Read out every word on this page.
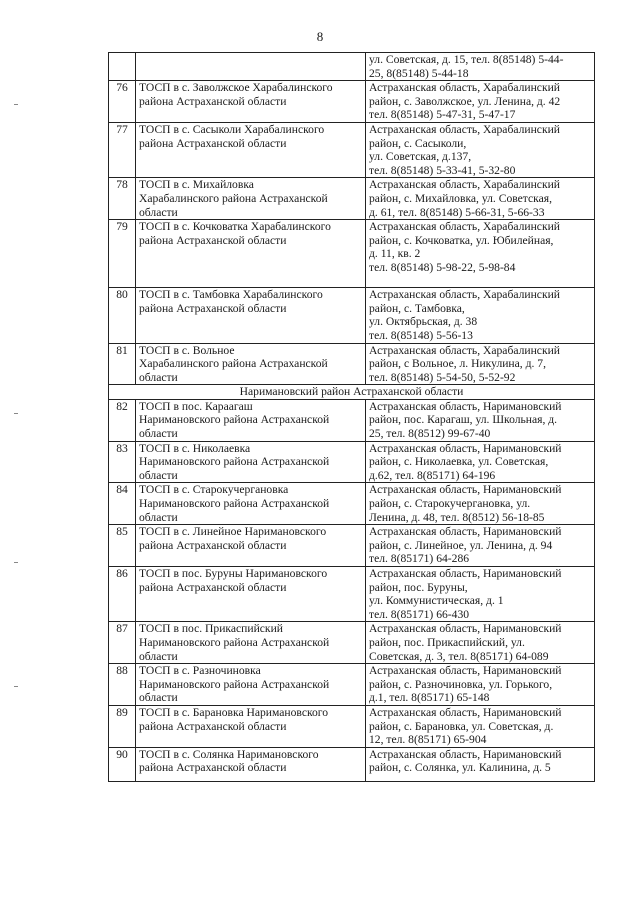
8

		ул. Советская, д. 15, тел. 8(85148) 5-44-
25, 8(85148) 5-44-18

76	ТОСП в с. Заволжское Харабалинского
района Астраханской области	Астраханская область, Харабалинский
район, с. Заволжское, ул. Ленина, д. 42
тел. 8(85148) 5-47-31, 5-47-17

77	ТОСП в с. Сасыколи Харабалинского
района Астраханской области	Астраханская область, Харабалинский
район, с. Сасыколи,
ул. Советская, д.137,
тел. 8(85148) 5-33-41, 5-32-80

78	ТОСП в с. Михайловка
Харабалинского района Астраханской
области	Астраханская область, Харабалинский
район, с. Михайловка, ул. Советская,
д. 61, тел. 8(85148) 5-66-31, 5-66-33

79	ТОСП в с. Кочковатка Харабалинского
района Астраханской области	Астраханская область, Харабалинский
район, с. Кочковатка, ул. Юбилейная,
д. 11, кв. 2
тел. 8(85148) 5-98-22, 5-98-84

80	ТОСП в с. Тамбовка Харабалинского
района Астраханской области	Астраханская область, Харабалинский
район, с. Тамбовка,
ул. Октябрьская, д. 38
тел. 8(85148) 5-56-13

81	ТОСП в с. Вольное
Харабалинского района Астраханской
области	Астраханская область, Харабалинский
район, с Вольное, л. Никулина, д. 7,
тел. 8(85148) 5-54-50, 5-52-92

Наримановский район Астраханской области		
82	ТОСП в пос. Караагаш
Наримановского района Астраханской
области	Астраханская область, Наримановский
район, пос. Карагаш, ул. Школьная, д.
25, тел. 8(8512) 99-67-40

83	ТОСП в с. Николаевка
Наримановского района Астраханской
области	Астраханская область, Наримановский
район, с. Николаевка, ул. Советская,
д.62, тел. 8(85171) 64-196

84	ТОСП в с. Старокучергановка
Наримановского района Астраханской
области	Астраханская область, Наримановский
район, с. Старокучергановка, ул.
Ленина, д. 48, тел. 8(8512) 56-18-85

85	ТОСП в с. Линейное Наримановского
района Астраханской области	Астраханская область, Наримановский
район, с. Линейное, ул. Ленина, д. 94
тел. 8(85171) 64-286

86	ТОСП в пос. Буруны Наримановского
района Астраханской области	Астраханская область, Наримановский
район, пос. Буруны,
ул. Коммунистическая, д. 1
тел. 8(85171) 66-430

87	ТОСП в пос. Прикаспийский
Наримановского района Астраханской
области	Астраханская область, Наримановский
район, пос. Прикаспийский, ул.
Советская, д. 3, тел. 8(85171) 64-089

88	ТОСП в с. Разночиновка
Наримановского района Астраханской
области	Астраханская область, Наримановский
район, с. Разночиновка, ул. Горького,
д.1, тел. 8(85171) 65-148

89	ТОСП в с. Барановка Наримановского
района Астраханской области	Астраханская область, Наримановский
район, с. Барановка, ул. Советская, д.
12, тел. 8(85171) 65-904

90	ТОСП в с. Солянка Наримановского
района Астраханской области	Астраханская область, Наримановский
район, с. Солянка, ул. Калинина, д. 5
